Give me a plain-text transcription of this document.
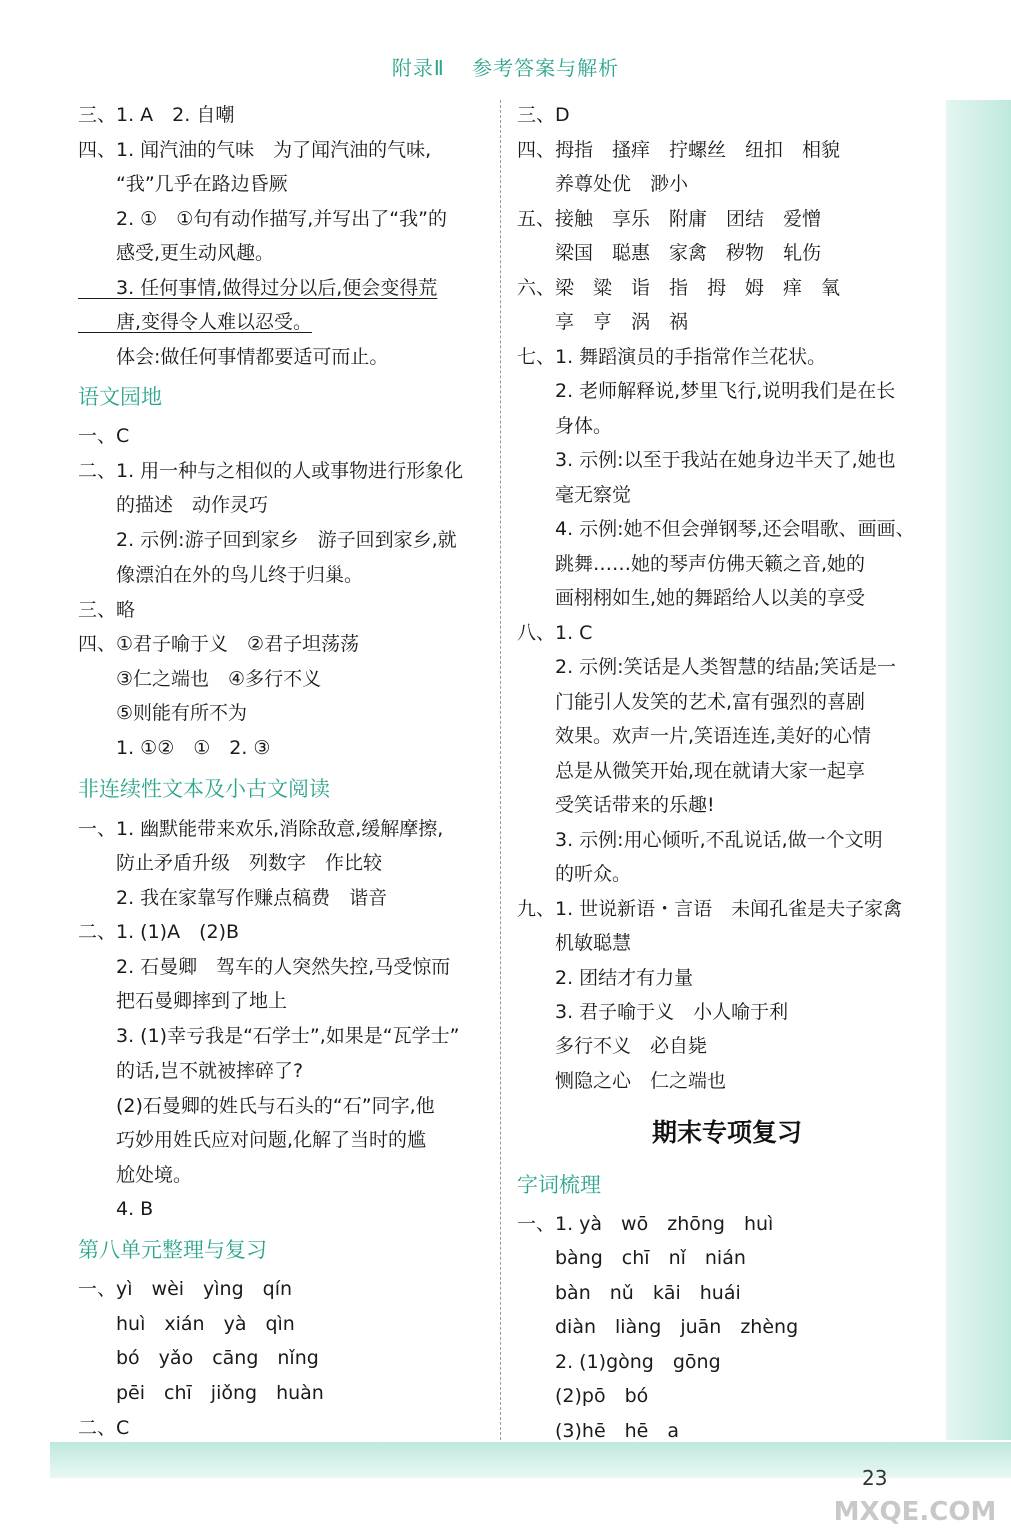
附录Ⅱ 参考答案与解析
三、1. A　2. 自嘲
四、1. 闻汽油的气味　为了闻汽油的气味,
　　“我”几乎在路边昏厥
　　2. ①　①句有动作描写,并写出了“我”的
　　感受,更生动风趣。
　　3. 任何事情,做得过分以后,便会变得荒
　　唐,变得令人难以忍受。
　　体会:做任何事情都要适可而止。
语文园地
一、C
二、1. 用一种与之相似的人或事物进行形象化
　　的描述　动作灵巧
　　2. 示例:游子回到家乡　游子回到家乡,就
　　像漂泊在外的鸟儿终于归巢。
三、略
四、①君子喻于义　②君子坦荡荡
　　③仁之端也　④多行不义
　　⑤则能有所不为
　　1. ①②　①　2. ③
非连续性文本及小古文阅读
一、1. 幽默能带来欢乐,消除敌意,缓解摩擦,
　　防止矛盾升级　列数字　作比较
　　2. 我在家靠写作赚点稿费　谐音
二、1. (1)A　(2)B
　　2. 石曼卿　驾车的人突然失控,马受惊而
　　把石曼卿摔到了地上
　　3. (1)幸亏我是“石学士”,如果是“瓦学士”
　　的话,岂不就被摔碎了?
　　(2)石曼卿的姓氏与石头的“石”同字,他
　　巧妙用姓氏应对问题,化解了当时的尴
　　尬处境。
　　4. B
第八单元整理与复习
一、yì　wèi　yìng　qín
　　huì　xián　yà　qìn
　　bó　yǎo　cāng　nǐng
　　pēi　chī　jiǒng　huàn
二、C
三、D
四、拇指　搔痒　拧螺丝　纽扣　相貌
　　养尊处优　渺小
五、接触　享乐　附庸　团结　爱憎
　　梁国　聪惠　家禽　秽物　轧伤
六、梁　粱　诣　指　拇　姆　痒　氧
　　享　亨　涡　祸
七、1. 舞蹈演员的手指常作兰花状。
　　2. 老师解释说,梦里飞行,说明我们是在长
　　身体。
　　3. 示例:以至于我站在她身边半天了,她也
　　毫无察觉
　　4. 示例:她不但会弹钢琴,还会唱歌、画画、
　　跳舞……她的琴声仿佛天籁之音,她的
　　画栩栩如生,她的舞蹈给人以美的享受
八、1. C
　　2. 示例:笑话是人类智慧的结晶;笑话是一
　　门能引人发笑的艺术,富有强烈的喜剧
　　效果。欢声一片,笑语连连,美好的心情
　　总是从微笑开始,现在就请大家一起享
　　受笑话带来的乐趣!
　　3. 示例:用心倾听,不乱说话,做一个文明
　　的听众。
九、1. 世说新语・言语　未闻孔雀是夫子家禽
　　机敏聪慧
　　2. 团结才有力量
　　3. 君子喻于义　小人喻于利
　　多行不义　必自毙
　　恻隐之心　仁之端也
字词梳理
一、1. yà　wō　zhōng　huì
　　bàng　chī　nǐ　nián
　　bàn　nǔ　kāi　huái
　　diàn　liàng　juān　zhèng
　　2. (1)gòng　gōng
　　(2)pō　bó
　　(3)hē　hē　a
期末专项复习
23
MXQE.COM
